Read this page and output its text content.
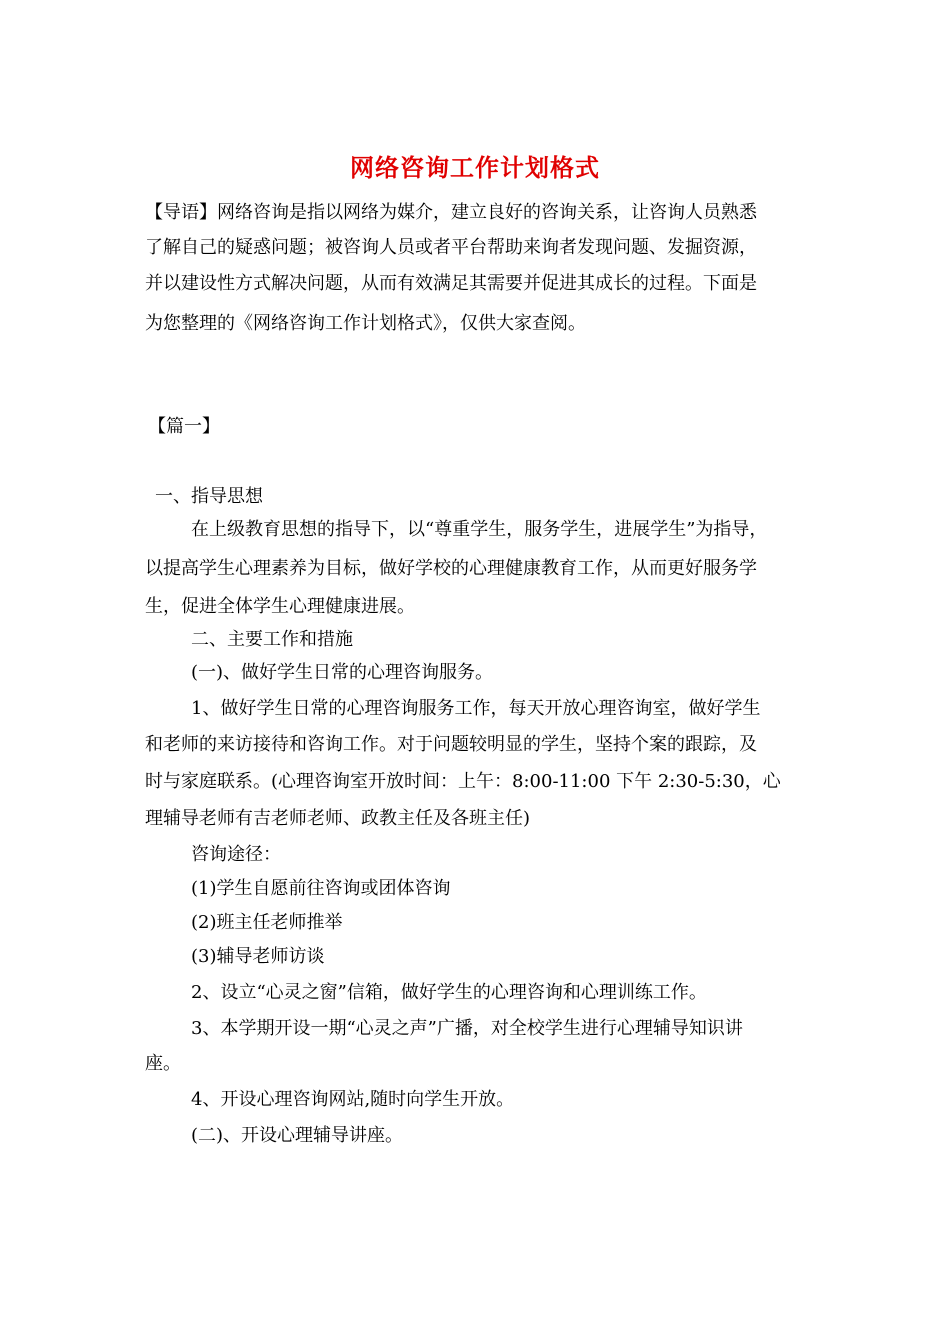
网络咨询工作计划格式
【导语】网络咨询是指以网络为媒介，建立良好的咨询关系，让咨询人员熟悉
了解自己的疑惑问题；被咨询人员或者平台帮助来询者发现问题、发掘资源，
并以建设性方式解决问题，从而有效满足其需要并促进其成长的过程。下面是
为您整理的《网络咨询工作计划格式》，仅供大家查阅。
【篇一】
一、指导思想
在上级教育思想的指导下，以“尊重学生，服务学生，进展学生”为指导，
以提高学生心理素养为目标，做好学校的心理健康教育工作，从而更好服务学
生，促进全体学生心理健康进展。
二、主要工作和措施
(一)、做好学生日常的心理咨询服务。
1、做好学生日常的心理咨询服务工作，每天开放心理咨询室，做好学生
和老师的来访接待和咨询工作。对于问题较明显的学生，坚持个案的跟踪，及
时与家庭联系。(心理咨询室开放时间：上午：8:00-11:00 下午 2:30-5:30，心
理辅导老师有吉老师老师、政教主任及各班主任)
咨询途径：
(1)学生自愿前往咨询或团体咨询
(2)班主任老师推举
(3)辅导老师访谈
2、设立“心灵之窗”信箱，做好学生的心理咨询和心理训练工作。
3、本学期开设一期“心灵之声”广播，对全校学生进行心理辅导知识讲
座。
4、开设心理咨询网站,随时向学生开放。
(二)、开设心理辅导讲座。
